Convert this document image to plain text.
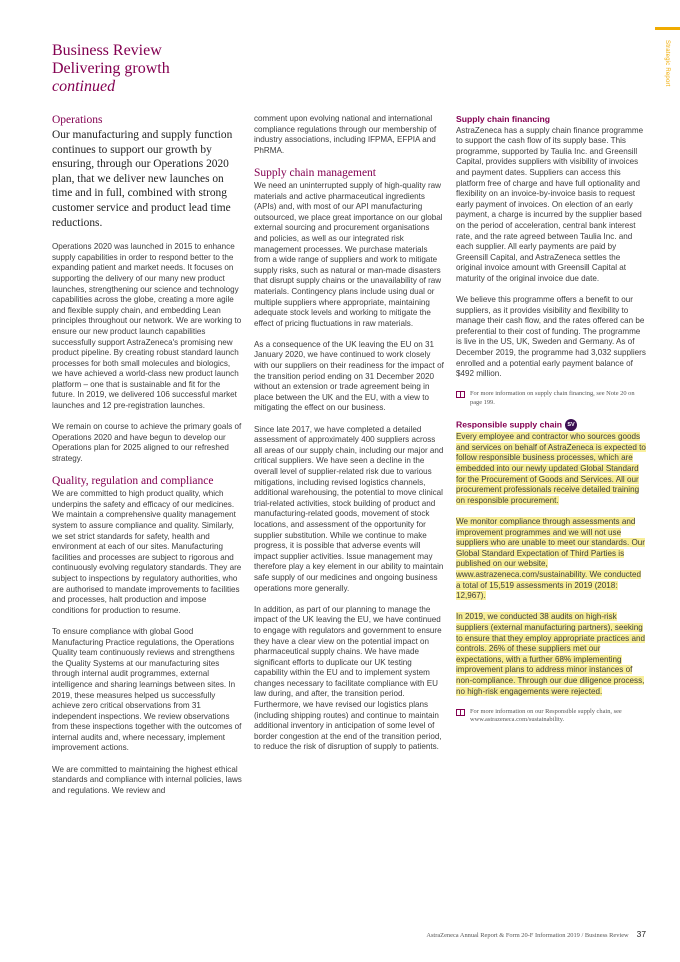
Strategic Report
Business Review
Delivering growth
continued
Operations
Our manufacturing and supply function continues to support our growth by ensuring, through our Operations 2020 plan, that we deliver new launches on time and in full, combined with strong customer service and product lead time reductions.

Operations 2020 was launched in 2015 to enhance supply capabilities in order to respond better to the expanding patient and market needs. It focuses on supporting the delivery of our many new product launches, strengthening our science and technology capabilities across the globe, creating a more agile and flexible supply chain, and embedding Lean principles throughout our network. We are working to ensure our new product launch capabilities successfully support AstraZeneca's promising new product pipeline. By creating robust standard launch processes for both small molecules and biologics, we have achieved a world-class new product launch platform – one that is sustainable and fit for the future. In 2019, we delivered 106 successful market launches and 12 pre-registration launches.

We remain on course to achieve the primary goals of Operations 2020 and have begun to develop our Operations plan for 2025 aligned to our refreshed strategy.

Quality, regulation and compliance

We are committed to high product quality, which underpins the safety and efficacy of our medicines. We maintain a comprehensive quality management system to assure compliance and quality. Similarly, we set strict standards for safety, health and environment at each of our sites. Manufacturing facilities and processes are subject to rigorous and continuously evolving regulatory standards. They are subject to inspections by regulatory authorities, who are authorised to mandate improvements to facilities and processes, halt production and impose conditions for production to resume.

To ensure compliance with global Good Manufacturing Practice regulations, the Operations Quality team continuously reviews and strengthens the Quality Systems at our manufacturing sites through internal audit programmes, external intelligence and sharing learnings between sites. In 2019, these measures helped us successfully achieve zero critical observations from 31 independent inspections. We review observations from these inspections together with the outcomes of internal audits and, where necessary, implement improvement actions.

We are committed to maintaining the highest ethical standards and compliance with internal policies, laws and regulations. We review and

comment upon evolving national and international compliance regulations through our membership of industry associations, including IFPMA, EFPIA and PhRMA.

Supply chain management

We need an uninterrupted supply of high-quality raw materials and active pharmaceutical ingredients (APIs) and, with most of our API manufacturing outsourced, we place great importance on our global external sourcing and procurement organisations and policies, as well as our integrated risk management processes. We purchase materials from a wide range of suppliers and work to mitigate supply risks, such as natural or man-made disasters that disrupt supply chains or the unavailability of raw materials. Contingency plans include using dual or multiple suppliers where appropriate, maintaining adequate stock levels and working to mitigate the effect of pricing fluctuations in raw materials.

As a consequence of the UK leaving the EU on 31 January 2020, we have continued to work closely with our suppliers on their readiness for the impact of the transition period ending on 31 December 2020 without an extension or trade agreement being in place between the UK and the EU, with a view to mitigating the effect on our business.

Since late 2017, we have completed a detailed assessment of approximately 400 suppliers across all areas of our supply chain, including our major and critical suppliers. We have seen a decline in the overall level of supplier-related risk due to various mitigations, including revised logistics channels, additional warehousing, the potential to move clinical trial-related activities, stock building of product and manufacturing-related goods, movement of stock locations, and assessment of the opportunity for supplier substitution. While we continue to make progress, it is possible that adverse events will impact supplier activities. Issue management may therefore play a key element in our ability to maintain safe supply of our medicines and ongoing business operations more generally.

In addition, as part of our planning to manage the impact of the UK leaving the EU, we have continued to engage with regulators and government to ensure they have a clear view on the potential impact on pharmaceutical supply chains. We have made significant efforts to duplicate our UK testing capability within the EU and to implement system changes necessary to facilitate compliance with EU law during, and after, the transition period. Furthermore, we have revised our logistics plans (including shipping routes) and continue to maintain additional inventory in anticipation of some level of border congestion at the end of the transition period, to reduce the risk of disruption of supply to patients.

Supply chain financing

AstraZeneca has a supply chain finance programme to support the cash flow of its supply base. This programme, supported by Taulia Inc. and Greensill Capital, provides suppliers with visibility of invoices and payment dates. Suppliers can access this platform free of charge and have full optionality and flexibility on an invoice-by-invoice basis to request early payment of invoices. On election of an early payment, a charge is incurred by the supplier based on the period of acceleration, central bank interest rate, and the rate agreed between Taulia Inc. and each supplier. All early payments are paid by Greensill Capital, and AstraZeneca settles the original invoice amount with Greensill Capital at maturity of the original invoice due date.

We believe this programme offers a benefit to our suppliers, as it provides visibility and flexibility to manage their cash flow, and the rates offered can be preferential to their cost of funding. The programme is live in the US, UK, Sweden and Germany. As of December 2019, the programme had 3,032 suppliers enrolled and a potential early payment balance of $492 million.

For more information on supply chain financing, see Note 20 on page 199.
Responsible supply chain SV

Every employee and contractor who sources goods and services on behalf of AstraZeneca is expected to follow responsible business processes, which are embedded into our newly updated Global Standard for the Procurement of Goods and Services. All our procurement professionals receive detailed training on responsible procurement.

We monitor compliance through assessments and improvement programmes and we will not use suppliers who are unable to meet our standards. Our Global Standard Expectation of Third Parties is published on our website, www.astrazeneca.com/sustainability. We conducted a total of 15,519 assessments in 2019 (2018: 12,967).

In 2019, we conducted 38 audits on high-risk suppliers (external manufacturing partners), seeking to ensure that they employ appropriate practices and controls. 26% of these suppliers met our expectations, with a further 68% implementing improvement plans to address minor instances of non-compliance. Through our due diligence process, no high-risk engagements were rejected.

For more information on our Responsible supply chain, see www.astrazeneca.com/sustainability.
AstraZeneca Annual Report & Form 20-F Information 2019 / Business Review 37
